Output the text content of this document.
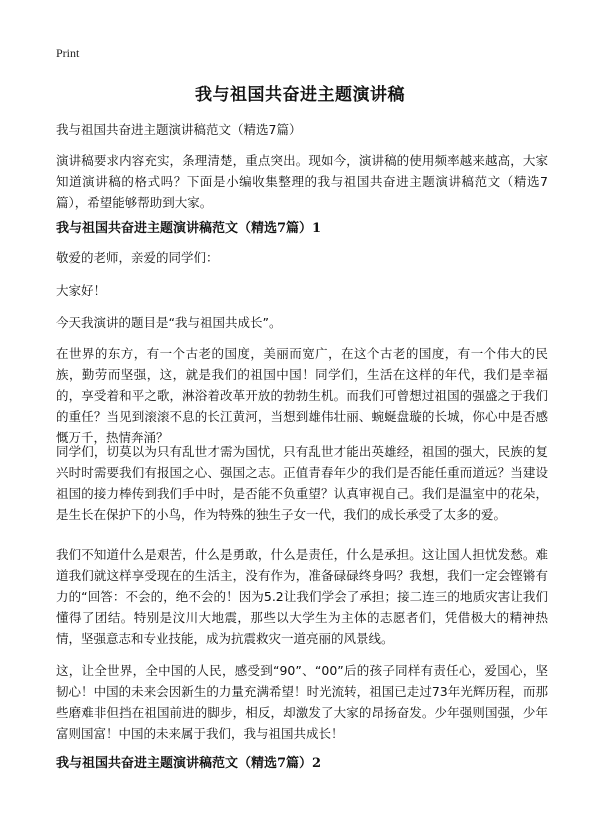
Print
我与祖国共奋进主题演讲稿
我与祖国共奋进主题演讲稿范文（精选7篇）
演讲稿要求内容充实，条理清楚，重点突出。现如今，演讲稿的使用频率越来越高，大家知道演讲稿的格式吗？下面是小编收集整理的我与祖国共奋进主题演讲稿范文（精选7篇），希望能够帮助到大家。
我与祖国共奋进主题演讲稿范文（精选7篇）1
敬爱的老师，亲爱的同学们：
大家好！
今天我演讲的题目是“我与祖国共成长”。
在世界的东方，有一个古老的国度，美丽而宽广，在这个古老的国度，有一个伟大的民族，勤劳而坚强，这，就是我们的祖国中国！同学们，生活在这样的年代，我们是幸福的，享受着和平之歌，淋浴着改革开放的勃勃生机。而我们可曾想过祖国的强盛之于我们的重任？当见到滚滚不息的长江黄河，当想到雄伟壮丽、蜿蜒盘璇的长城，你心中是否感慨万千，热情奔涌？
同学们，切莫以为只有乱世才需为国忧，只有乱世才能出英雄经，祖国的强大，民族的复兴时时需要我们有报国之心、强国之志。正值青春年少的我们是否能任重而道远？当建设祖国的接力棒传到我们手中时，是否能不负重望？认真审视自己。我们是温室中的花朵，是生长在保护下的小鸟，作为特殊的独生子女一代，我们的成长承受了太多的爱。
我们不知道什么是艰苦，什么是勇敢，什么是责任，什么是承担。这让国人担忧发愁。难道我们就这样享受现在的生活主，没有作为，准备碌碌终身吗？我想，我们一定会铿锵有力的“回答：不会的，绝不会的！因为5.2让我们学会了承担；接二连三的地质灾害让我们懂得了团结。特别是汶川大地震，那些以大学生为主体的志愿者们，凭借极大的精神热情，坚强意志和专业技能，成为抗震救灾一道亮丽的风景线。
这，让全世界，全中国的人民，感受到“90”、“00”后的孩子同样有责任心，爱国心，坚韧心！中国的未来会因新生的力量充满希望！时光流转，祖国已走过73年光辉历程，而那些磨难非但挡在祖国前进的脚步，相反，却激发了大家的昂扬奋发。少年强则国强，少年富则国富！中国的未来属于我们，我与祖国共成长！
我与祖国共奋进主题演讲稿范文（精选7篇）2
